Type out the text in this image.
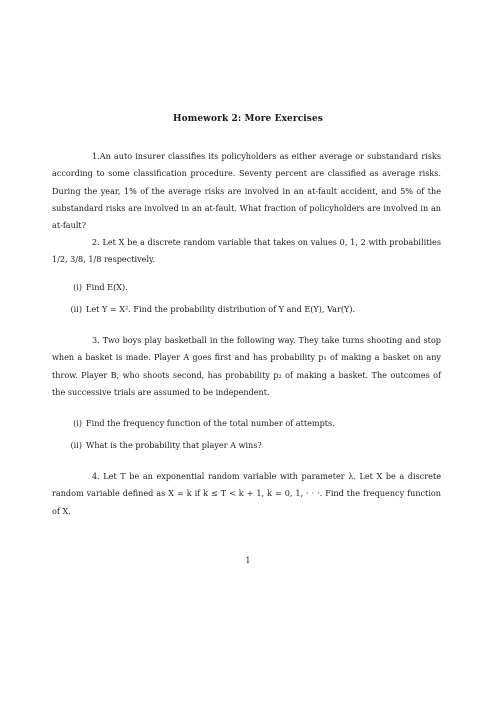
Homework 2: More Exercises

1.An auto insurer classifies its policyholders as either average or substandard risks according to some classification procedure. Seventy percent are classified as average risks. During the year, 1% of the average risks are involved in an at-fault accident, and 5% of the substandard risks are involved in an at-fault. What fraction of policyholders are involved in an at-fault?

2. Let X be a discrete random variable that takes on values 0, 1, 2 with probabilities 1/2, 3/8, 1/8 respectively.

(i) Find E(X).
(ii) Let Y = X². Find the probability distribution of Y and E(Y), Var(Y).

3. Two boys play basketball in the following way. They take turns shooting and stop when a basket is made. Player A goes first and has probability p₁ of making a basket on any throw. Player B, who shoots second, has probability p₂ of making a basket. The outcomes of the successive trials are assumed to be independent.

(i) Find the frequency function of the total number of attempts.
(ii) What is the probability that player A wins?

4. Let T be an exponential random variable with parameter λ. Let X be a discrete random variable defined as X = k if k ≤ T < k + 1, k = 0, 1, · · ·. Find the frequency function of X.

1
